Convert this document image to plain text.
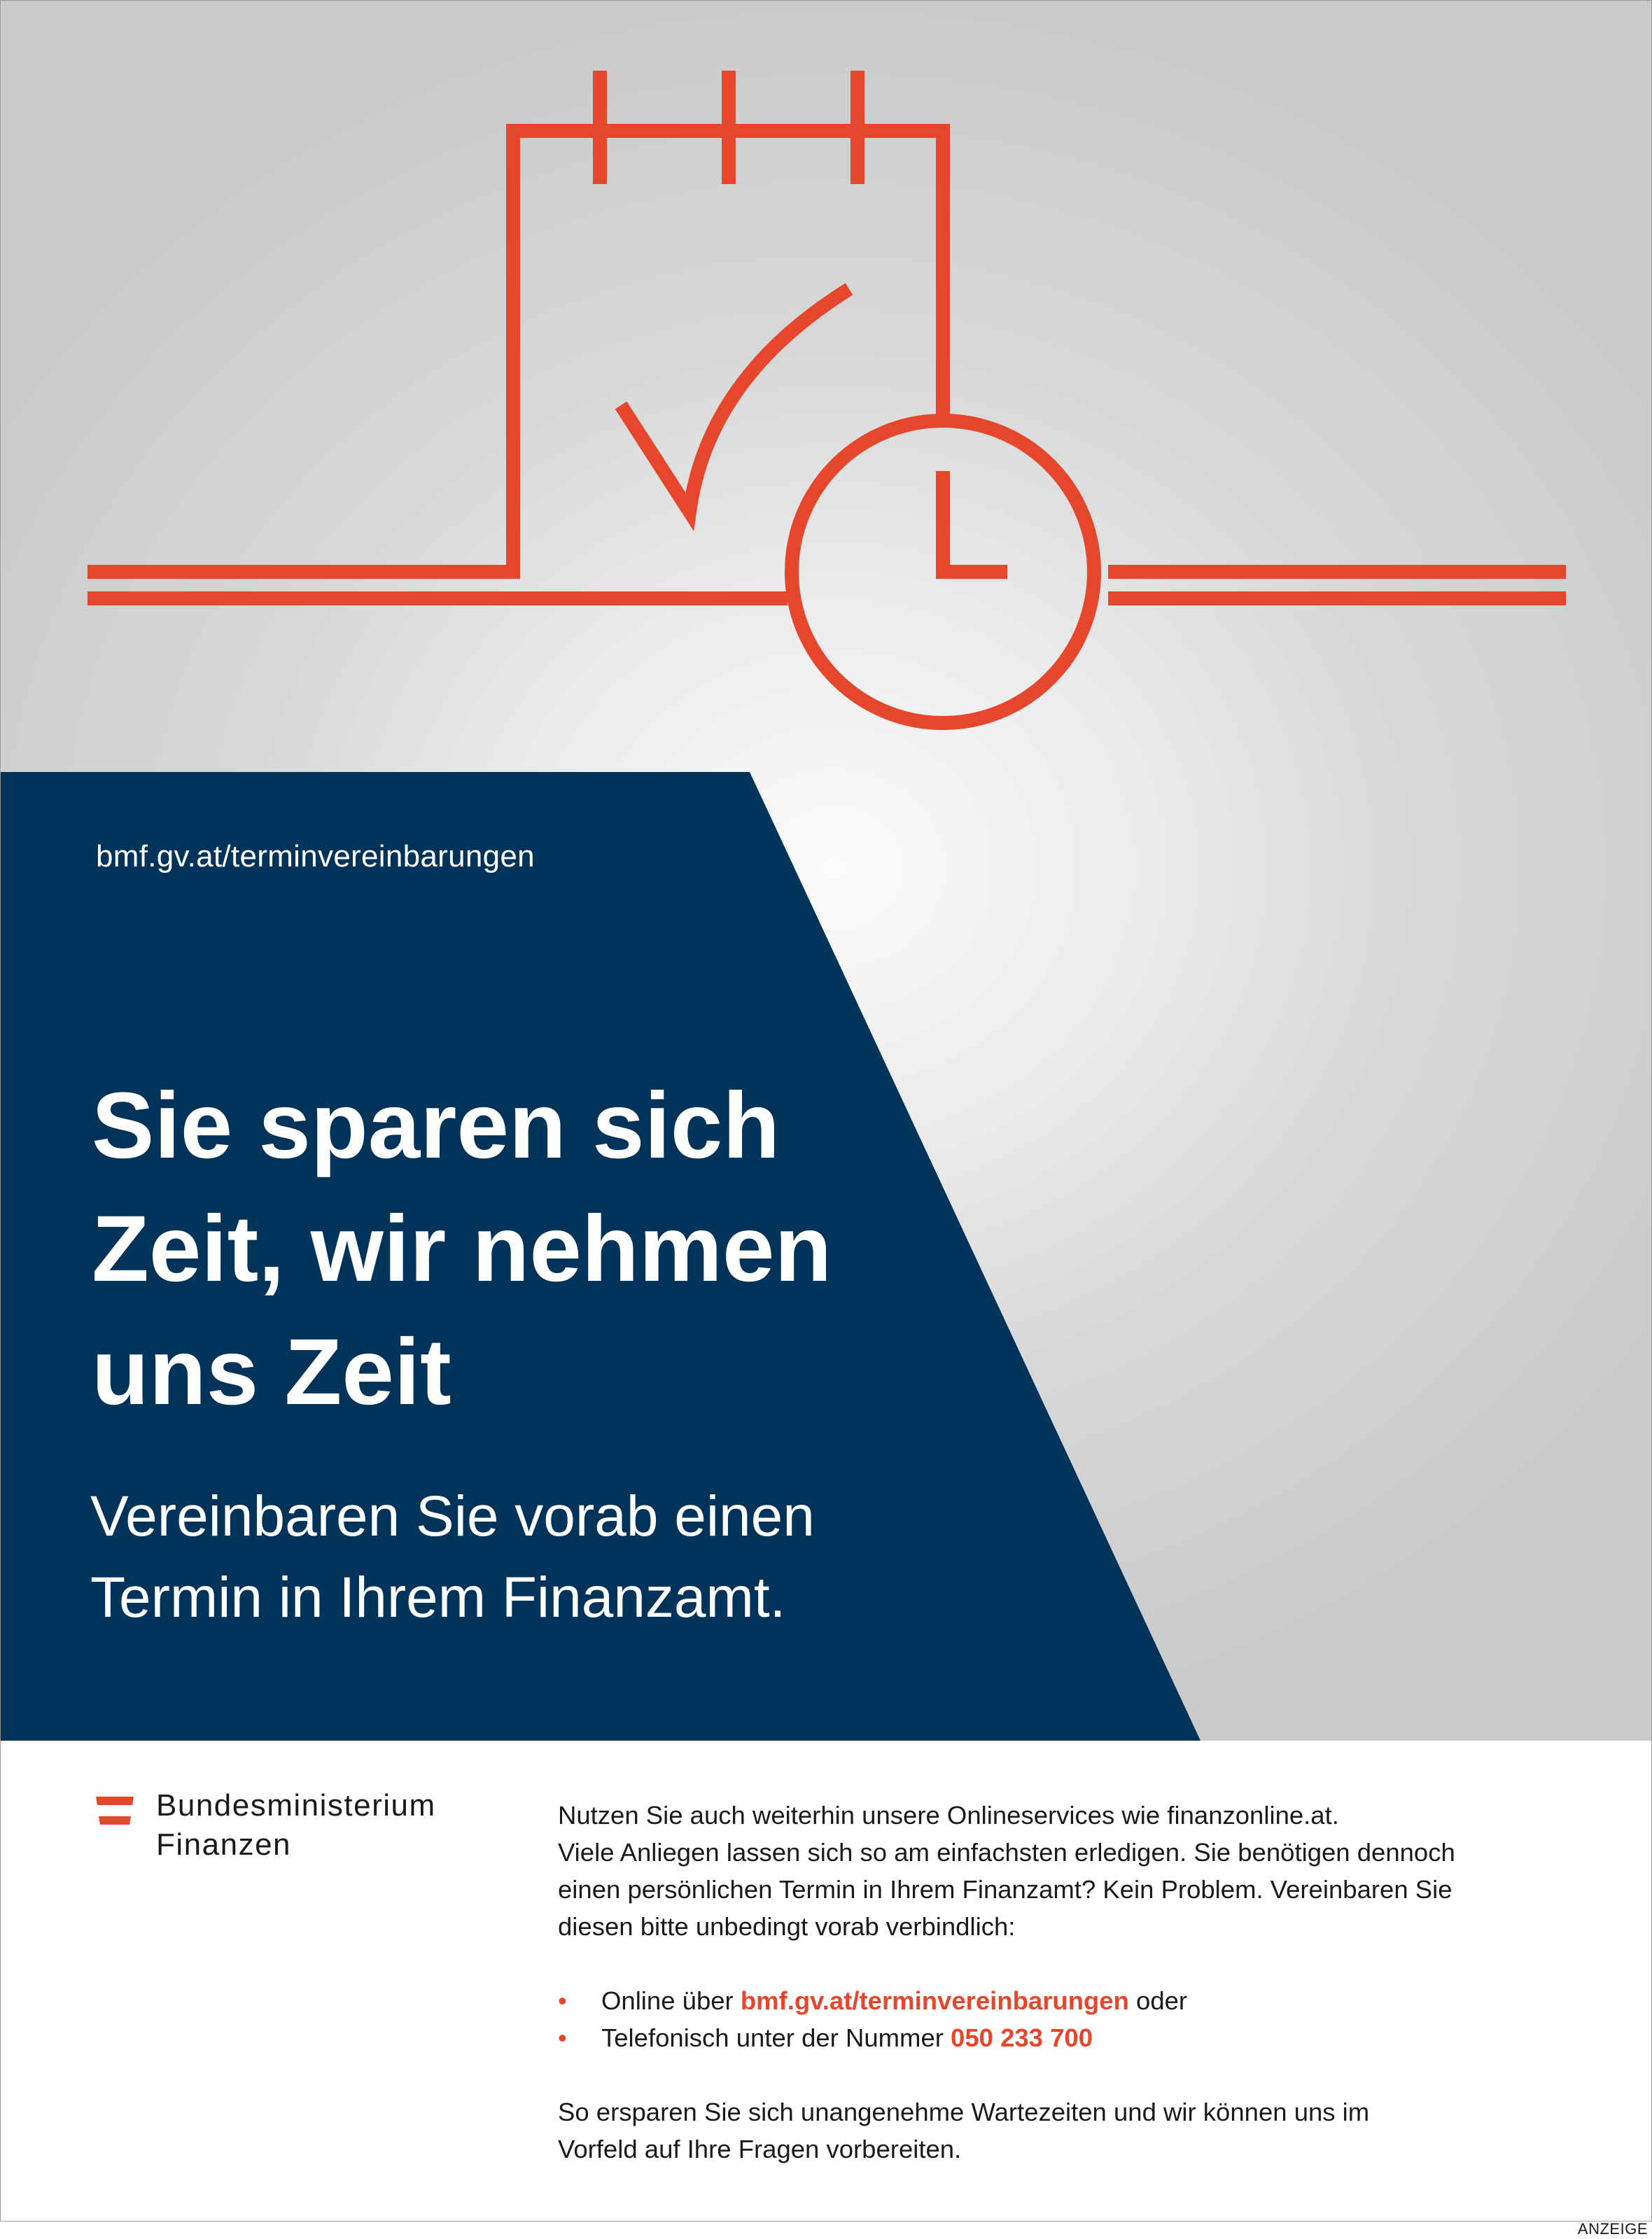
bmf.gv.at/terminvereinbarungen
Sie sparen sich
Zeit, wir nehmen
uns Zeit
Vereinbaren Sie vorab einen
Termin in Ihrem Finanzamt.
Bundesministerium
Finanzen

Nutzen Sie auch weiterhin unsere Onlineservices wie finanzonline.at.
Viele Anliegen lassen sich so am einfachsten erledigen. Sie benötigen dennoch
einen persönlichen Termin in Ihrem Finanzamt? Kein Problem. Vereinbaren Sie
diesen bitte unbedingt vorab verbindlich:

• Online über bmf.gv.at/terminvereinbarungen oder
• Telefonisch unter der Nummer 050 233 700

So ersparen Sie sich unangenehme Wartezeiten und wir können uns im
Vorfeld auf Ihre Fragen vorbereiten.

ANZEIGE
